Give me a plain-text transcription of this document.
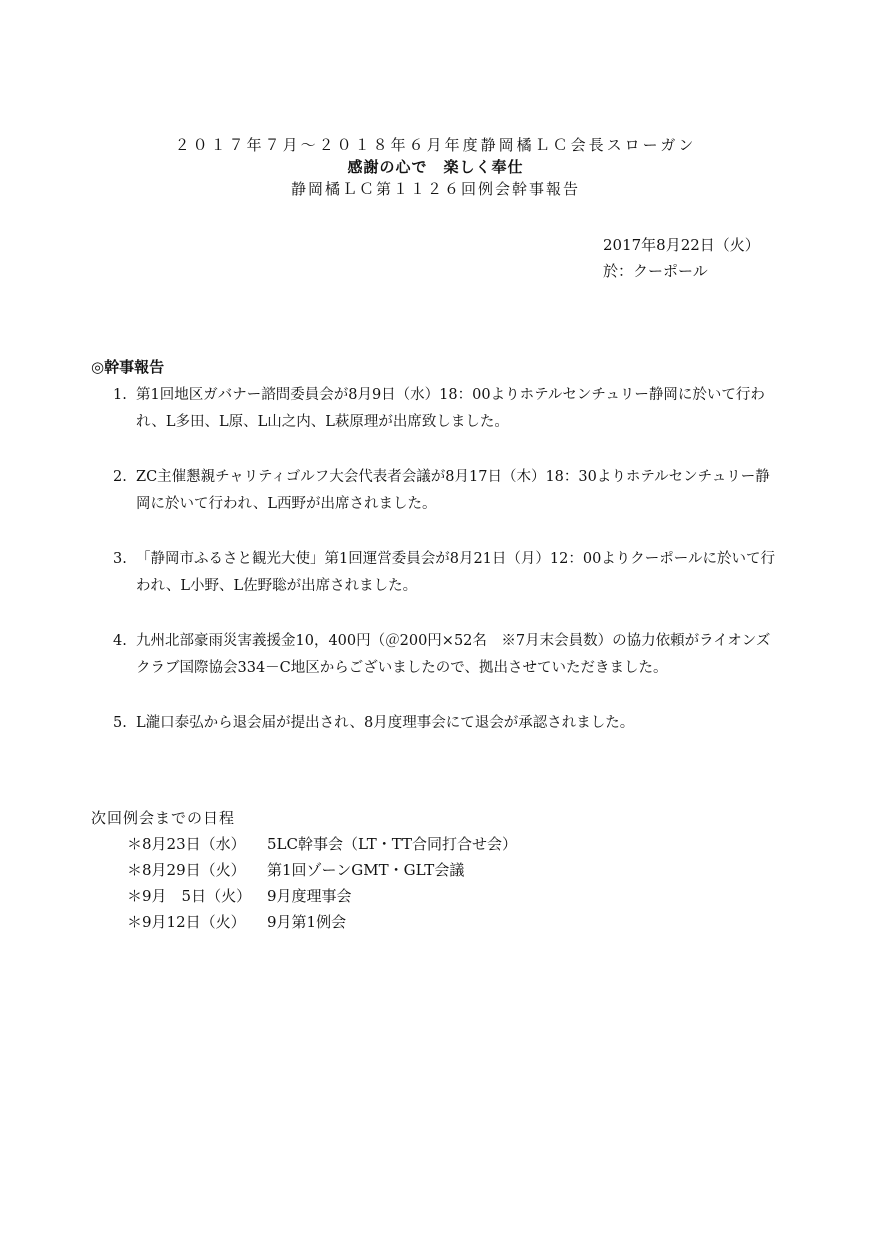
２０１７年７月～２０１８年６月年度静岡橘ＬＣ会長スローガン
感謝の心で　楽しく奉仕
静岡橘ＬＣ第１１２６回例会幹事報告
2017年8月22日（火）
於：クーポール
◎幹事報告
1. 第1回地区ガバナー諮問委員会が8月9日（水）18：00よりホテルセンチュリー静岡に於いて行われ、L多田、L原、L山之内、L萩原理が出席致しました。
2. ZC主催懇親チャリティゴルフ大会代表者会議が8月17日（木）18：30よりホテルセンチュリー静岡に於いて行われ、L西野が出席されました。
3. 「静岡市ふるさと観光大使」第1回運営委員会が8月21日（月）12：00よりクーポールに於いて行われ、L小野、L佐野聡が出席されました。
4. 九州北部豪雨災害義援金10，400円（＠200円×52名　※7月末会員数）の協力依頼がライオンズクラブ国際協会334－C地区からございましたので、拠出させていただきました。
5. L瀧口泰弘から退会届が提出され、8月度理事会にて退会が承認されました。
次回例会までの日程
＊8月23日（水）	5LC幹事会（LT・TT合同打合せ会）
＊8月29日（火）	第1回ゾーンGMT・GLT会議
＊9月　5日（火）	9月度理事会
＊9月12日（火）	9月第1例会
